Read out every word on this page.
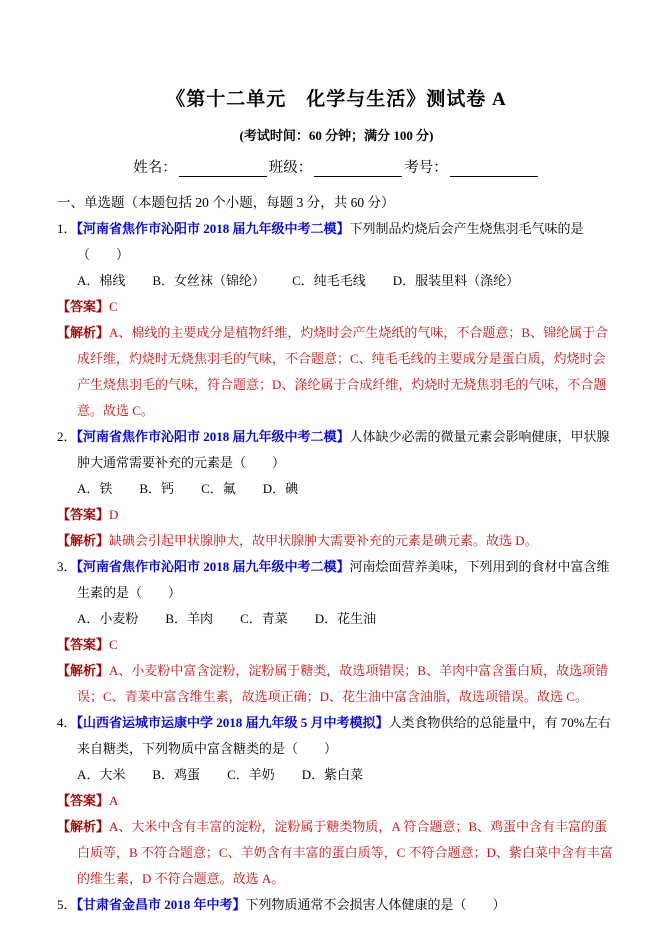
《第十二单元　化学与生活》测试卷 A

(考试时间：60 分钟；满分 100 分)

姓名：	班级：	考号：

一、单选题（本题包括 20 个小题，每题 3 分，共 60 分）

1．【河南省焦作市沁阳市 2018 届九年级中考二模】下列制品灼烧后会产生烧焦羽毛气味的是（　　）

A．棉线 B．女丝袜（锦纶） C．纯毛毛线 D．服装里料（涤纶）

【答案】C

【解析】A、棉线的主要成分是植物纤维，灼烧时会产生烧纸的气味，不合题意；B、锦纶属于合成纤维，灼烧时无烧焦羽毛的气味，不合题意；C、纯毛毛线的主要成分是蛋白质，灼烧时会产生烧焦羽毛的气味，符合题意；D、涤纶属于合成纤维，灼烧时无烧焦羽毛的气味，不合题意。故选 C。

2．【河南省焦作市沁阳市 2018 届九年级中考二模】人体缺少必需的微量元素会影响健康，甲状腺肿大通常需要补充的元素是（　　）

A．铁 B．钙 C．氟 D．碘

【答案】D

【解析】缺碘会引起甲状腺肿大，故甲状腺肿大需要补充的元素是碘元素。故选 D。

3．【河南省焦作市沁阳市 2018 届九年级中考二模】河南烩面营养美味，下列用到的食材中富含维生素的是（　　）

A．小麦粉 B．羊肉 C．青菜 D．花生油

【答案】C

【解析】A、小麦粉中富含淀粉，淀粉属于糖类，故选项错误；B、羊肉中富含蛋白质，故选项错误；C、青菜中富含维生素，故选项正确；D、花生油中富含油脂，故选项错误。故选 C。

4．【山西省运城市运康中学 2018 届九年级 5 月中考模拟】人类食物供给的总能量中，有 70%左右来自糖类，下列物质中富含糖类的是（　　）

A．大米 B．鸡蛋 C．羊奶 D．紫白菜

【答案】A

【解析】A、大米中含有丰富的淀粉，淀粉属于糖类物质，A 符合题意；B、鸡蛋中含有丰富的蛋白质等，B 不符合题意；C、羊奶含有丰富的蛋白质等，C 不符合题意；D、紫白菜中含有丰富的维生素，D 不符合题意。故选 A。

5．【甘肃省金昌市 2018 年中考】下列物质通常不会损害人体健康的是（　　）
